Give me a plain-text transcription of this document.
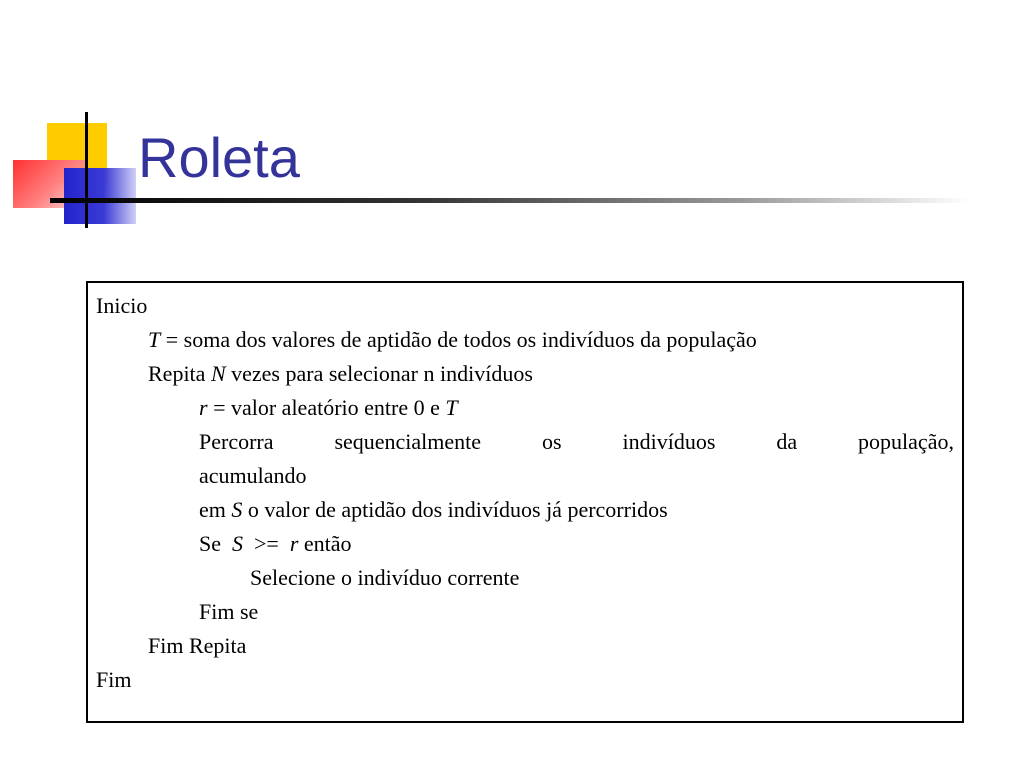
Roleta
Inicio
T = soma dos valores de aptidão de todos os indivíduos da população
Repita N vezes para selecionar n indivíduos
r = valor aleatório entre 0 e T
Percorra	sequencialmente	os	indivíduos	da	população,
acumulando
em S o valor de aptidão dos indivíduos já percorridos
Se  S  >=  r então
Selecione o indivíduo corrente
Fim se
Fim Repita
Fim
